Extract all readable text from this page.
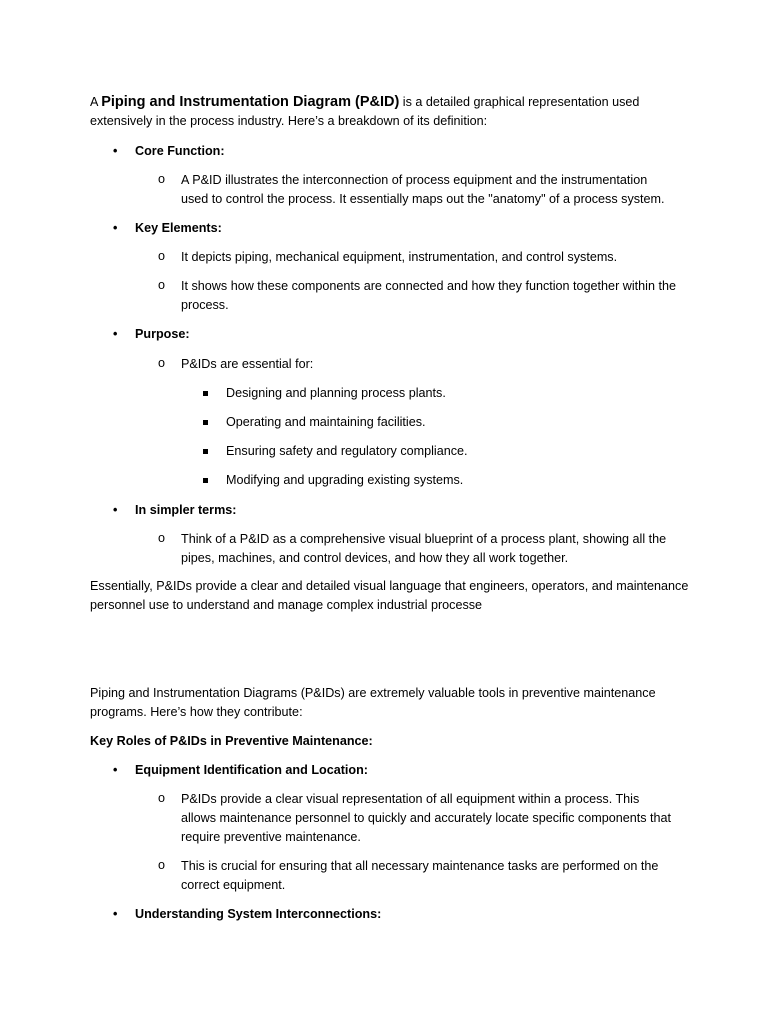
A Piping and Instrumentation Diagram (P&ID) is a detailed graphical representation used extensively in the process industry. Here’s a breakdown of its definition:

• Core Function:
o A P&ID illustrates the interconnection of process equipment and the instrumentation used to control the process. It essentially maps out the "anatomy" of a process system.
• Key Elements:
o It depicts piping, mechanical equipment, instrumentation, and control systems.
o It shows how these components are connected and how they function together within the process.
• Purpose:
o P&IDs are essential for:
Designing and planning process plants.
Operating and maintaining facilities.
Ensuring safety and regulatory compliance.
Modifying and upgrading existing systems.
• In simpler terms:
o Think of a P&ID as a comprehensive visual blueprint of a process plant, showing all the pipes, machines, and control devices, and how they all work together.

Essentially, P&IDs provide a clear and detailed visual language that engineers, operators, and maintenance personnel use to understand and manage complex industrial processe

Piping and Instrumentation Diagrams (P&IDs) are extremely valuable tools in preventive maintenance programs. Here’s how they contribute:

Key Roles of P&IDs in Preventive Maintenance:

• Equipment Identification and Location:
o P&IDs provide a clear visual representation of all equipment within a process. This allows maintenance personnel to quickly and accurately locate specific components that require preventive maintenance.
o This is crucial for ensuring that all necessary maintenance tasks are performed on the correct equipment.
• Understanding System Interconnections:
